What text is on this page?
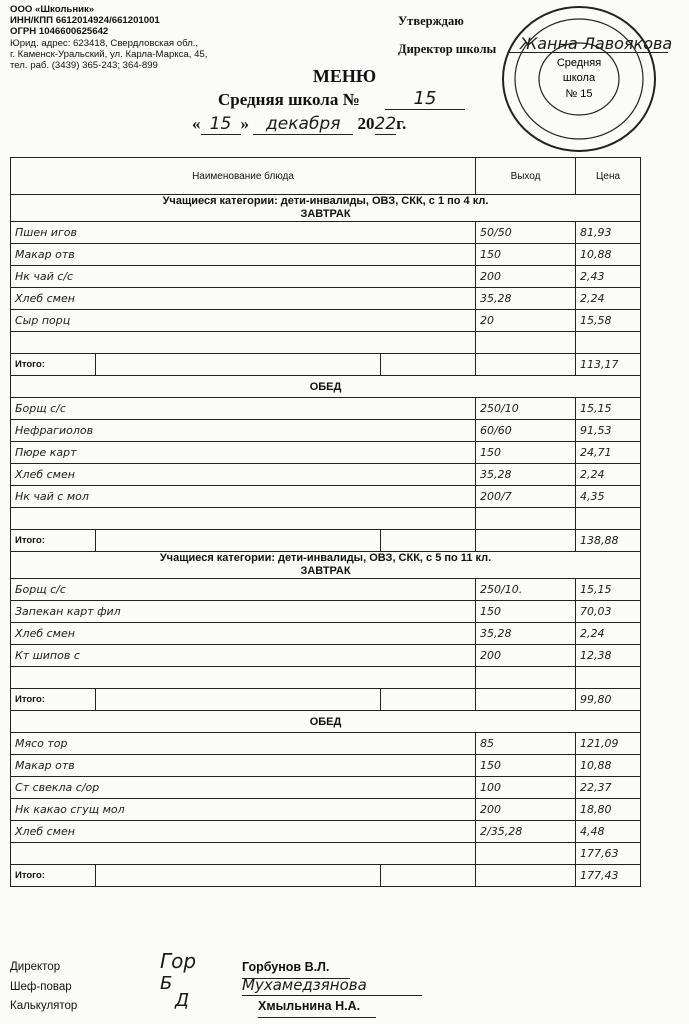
ООО «Школьник»
ИНН/КПП 6612014924/661201001
ОГРН 1046600625642
Юрид. адрес: 623418, Свердловская обл.,
г. Каменск-Уральский, ул. Карла-Маркса, 45,
тел. раб. (3439) 365-243; 364-899
Утверждаю
Директор школы Жанна Лавоякова
Средняя
школа
№ 15
МЕНЮ
Средняя школа №	15
« 15 » декабря 2022г.
Наименование блюда			Выход	Цена

Учащиеся категории: дети-инвалиды, ОВЗ, СКК, с 1 по 4 кл.
ЗАВТРАК				

Пшен игов			50/50	81,93
Макар отв			150	10,88
Нк чай с/с			200	2,43
Хлеб смен			35,28	2,24
Сыр порц			20	15,58

Итого:				113,17
ОБЕД				
Борщ с/с			250/10	15,15
Нефрагиолов			60/60	91,53
Пюре карт			150	24,71
Хлеб смен			35,28	2,24
Нк чай с мол			200/7	4,35

Итого:				138,88

Учащиеся категории: дети-инвалиды, ОВЗ, СКК, с 5 по 11 кл.
ЗАВТРАК				

Борщ с/с			250/10.	15,15
Запекан карт фил			150	70,03
Хлеб смен			35,28	2,24
Кт шипов с			200	12,38

Итого:				99,80
ОБЕД				
Мясо тор			85	121,09
Макар отв			150	10,88
Ст свекла с/ор			100	22,37
Нк какао сгущ мол			200	18,80
Хлеб смен			2/35,28	4,48
				177,63
Итого:				177,43
Директор	Гор	Горбунов В.Л.
Шеф-повар	Б	Мухамедзянова
Калькулятор	Д	Хмыльнина Н.А.
